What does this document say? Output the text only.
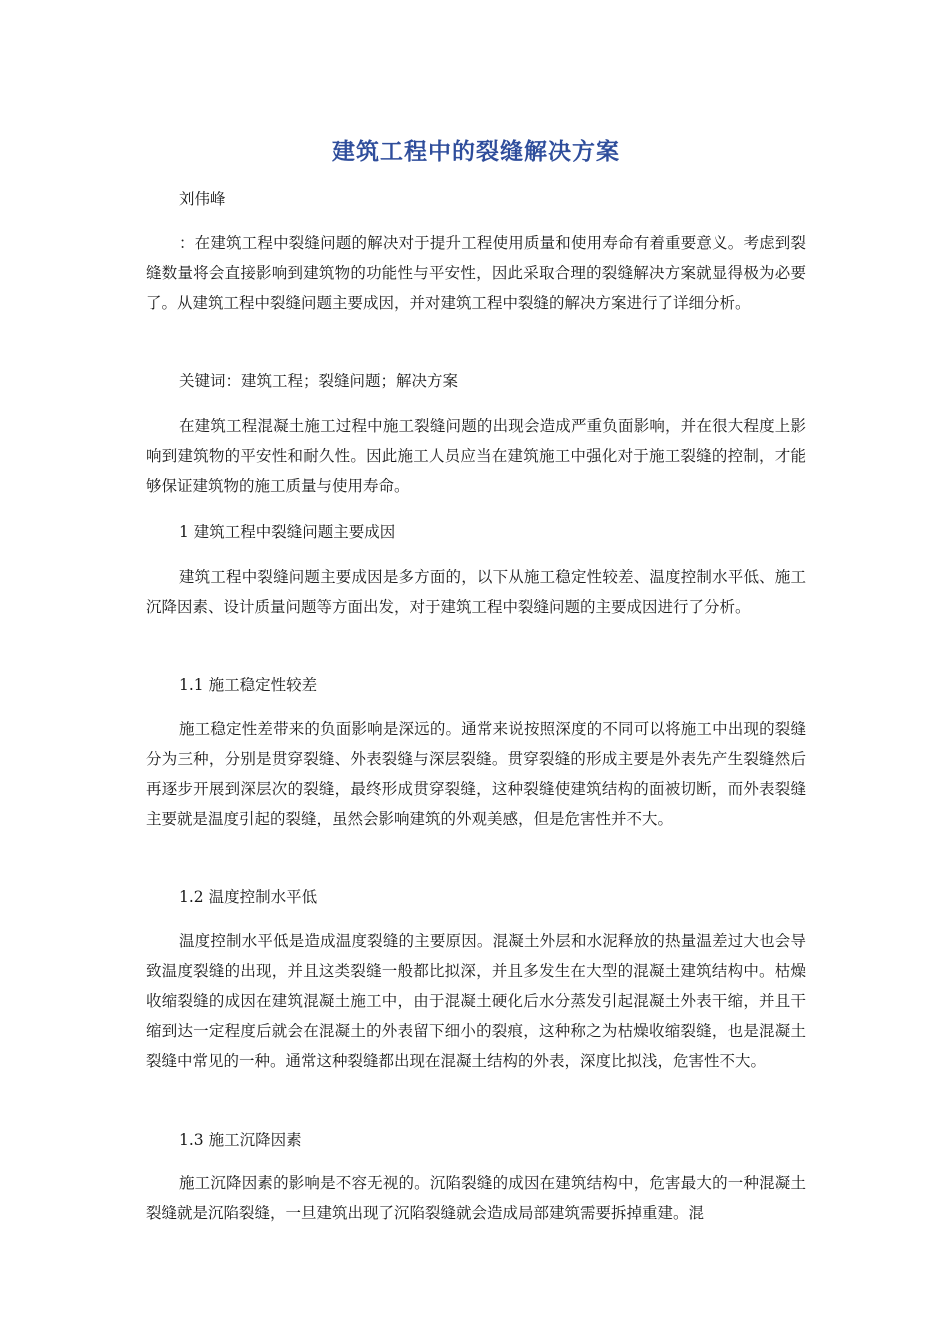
建筑工程中的裂缝解决方案

刘伟峰

：在建筑工程中裂缝问题的解决对于提升工程使用质量和使用寿命有着重要意义。考虑到裂缝数量将会直接影响到建筑物的功能性与平安性，因此采取合理的裂缝解决方案就显得极为必要了。从建筑工程中裂缝问题主要成因，并对建筑工程中裂缝的解决方案进行了详细分析。

关键词：建筑工程；裂缝问题；解决方案

在建筑工程混凝土施工过程中施工裂缝问题的出现会造成严重负面影响，并在很大程度上影响到建筑物的平安性和耐久性。因此施工人员应当在建筑施工中强化对于施工裂缝的控制，才能够保证建筑物的施工质量与使用寿命。

1 建筑工程中裂缝问题主要成因

建筑工程中裂缝问题主要成因是多方面的，以下从施工稳定性较差、温度控制水平低、施工沉降因素、设计质量问题等方面出发，对于建筑工程中裂缝问题的主要成因进行了分析。

1.1 施工稳定性较差

施工稳定性差带来的负面影响是深远的。通常来说按照深度的不同可以将施工中出现的裂缝分为三种，分别是贯穿裂缝、外表裂缝与深层裂缝。贯穿裂缝的形成主要是外表先产生裂缝然后再逐步开展到深层次的裂缝，最终形成贯穿裂缝，这种裂缝使建筑结构的面被切断，而外表裂缝主要就是温度引起的裂缝，虽然会影响建筑的外观美感，但是危害性并不大。

1.2 温度控制水平低

温度控制水平低是造成温度裂缝的主要原因。混凝土外层和水泥释放的热量温差过大也会导致温度裂缝的出现，并且这类裂缝一般都比拟深，并且多发生在大型的混凝土建筑结构中。枯燥收缩裂缝的成因在建筑混凝土施工中，由于混凝土硬化后水分蒸发引起混凝土外表干缩，并且干缩到达一定程度后就会在混凝土的外表留下细小的裂痕，这种称之为枯燥收缩裂缝，也是混凝土裂缝中常见的一种。通常这种裂缝都出现在混凝土结构的外表，深度比拟浅，危害性不大。

1.3 施工沉降因素

施工沉降因素的影响是不容无视的。沉陷裂缝的成因在建筑结构中，危害最大的一种混凝土裂缝就是沉陷裂缝，一旦建筑出现了沉陷裂缝就会造成局部建筑需要拆掉重建。混
